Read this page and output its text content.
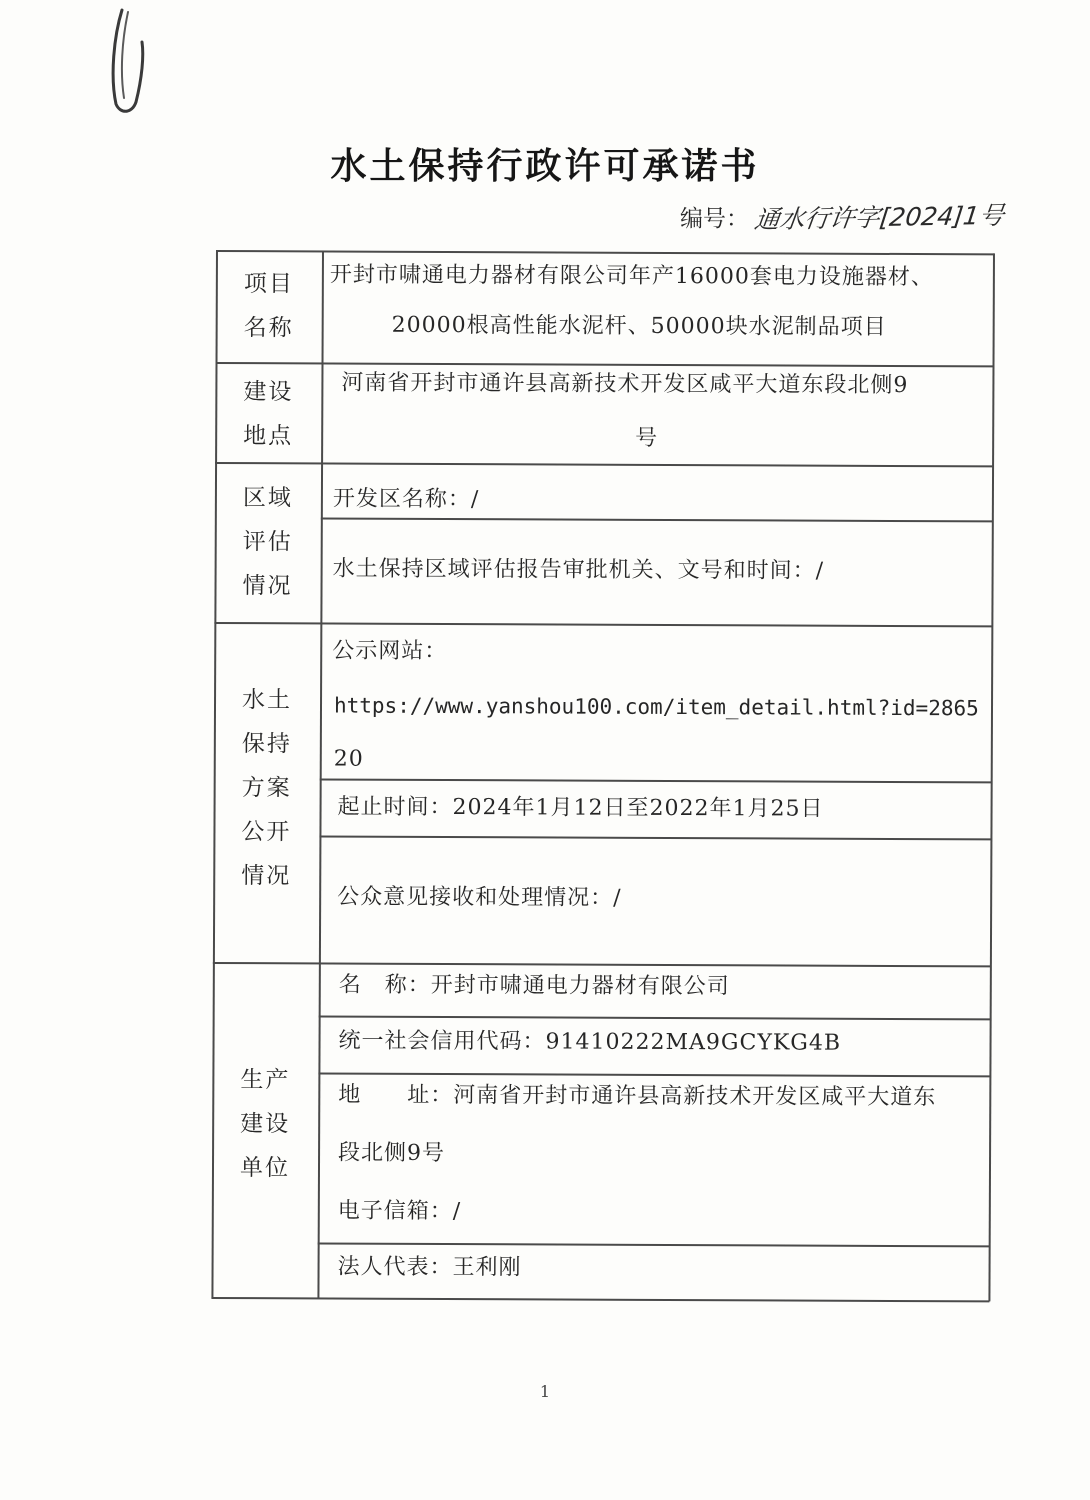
水土保持行政许可承诺书
编号： 通水行许字[2024]1号
项目
名称
开封市啸通电力器材有限公司年产16000套电力设施器材、
20000根高性能水泥杆、50000块水泥制品项目
建设
地点
河南省开封市通许县高新技术开发区咸平大道东段北侧9
号
区域
评估
情况
开发区名称：/
水土保持区域评估报告审批机关、文号和时间：/
水土
保持
方案
公开
情况
公示网站：
https://www.yanshou100.com/item_detail.html?id=2865
20
起止时间：2024年1月12日至2022年1月25日
公众意见接收和处理情况：/
生产
建设
单位
名　称：开封市啸通电力器材有限公司
统一社会信用代码：91410222MA9GCYKG4B
地　　址：河南省开封市通许县高新技术开发区咸平大道东
段北侧9号
电子信箱：/
法人代表：王利刚
1
